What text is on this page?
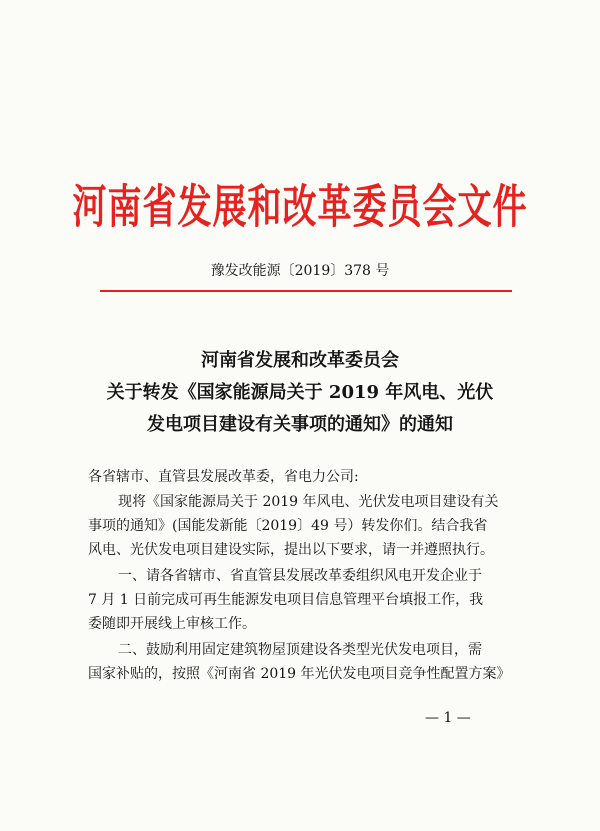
河南省发展和改革委员会文件
豫发改能源〔2019〕378 号
河南省发展和改革委员会
关于转发《国家能源局关于 2019 年风电、光伏
发电项目建设有关事项的通知》的通知
各省辖市、直管县发展改革委，省电力公司:
现将《国家能源局关于 2019 年风电、光伏发电项目建设有关
事项的通知》(国能发新能〔2019〕49 号）转发你们。结合我省
风电、光伏发电项目建设实际，提出以下要求，请一并遵照执行。
一、请各省辖市、省直管县发展改革委组织风电开发企业于
7 月 1 日前完成可再生能源发电项目信息管理平台填报工作，我
委随即开展线上审核工作。
二、鼓励利用固定建筑物屋顶建设各类型光伏发电项目，需
国家补贴的，按照《河南省 2019 年光伏发电项目竞争性配置方案》
— 1 —
